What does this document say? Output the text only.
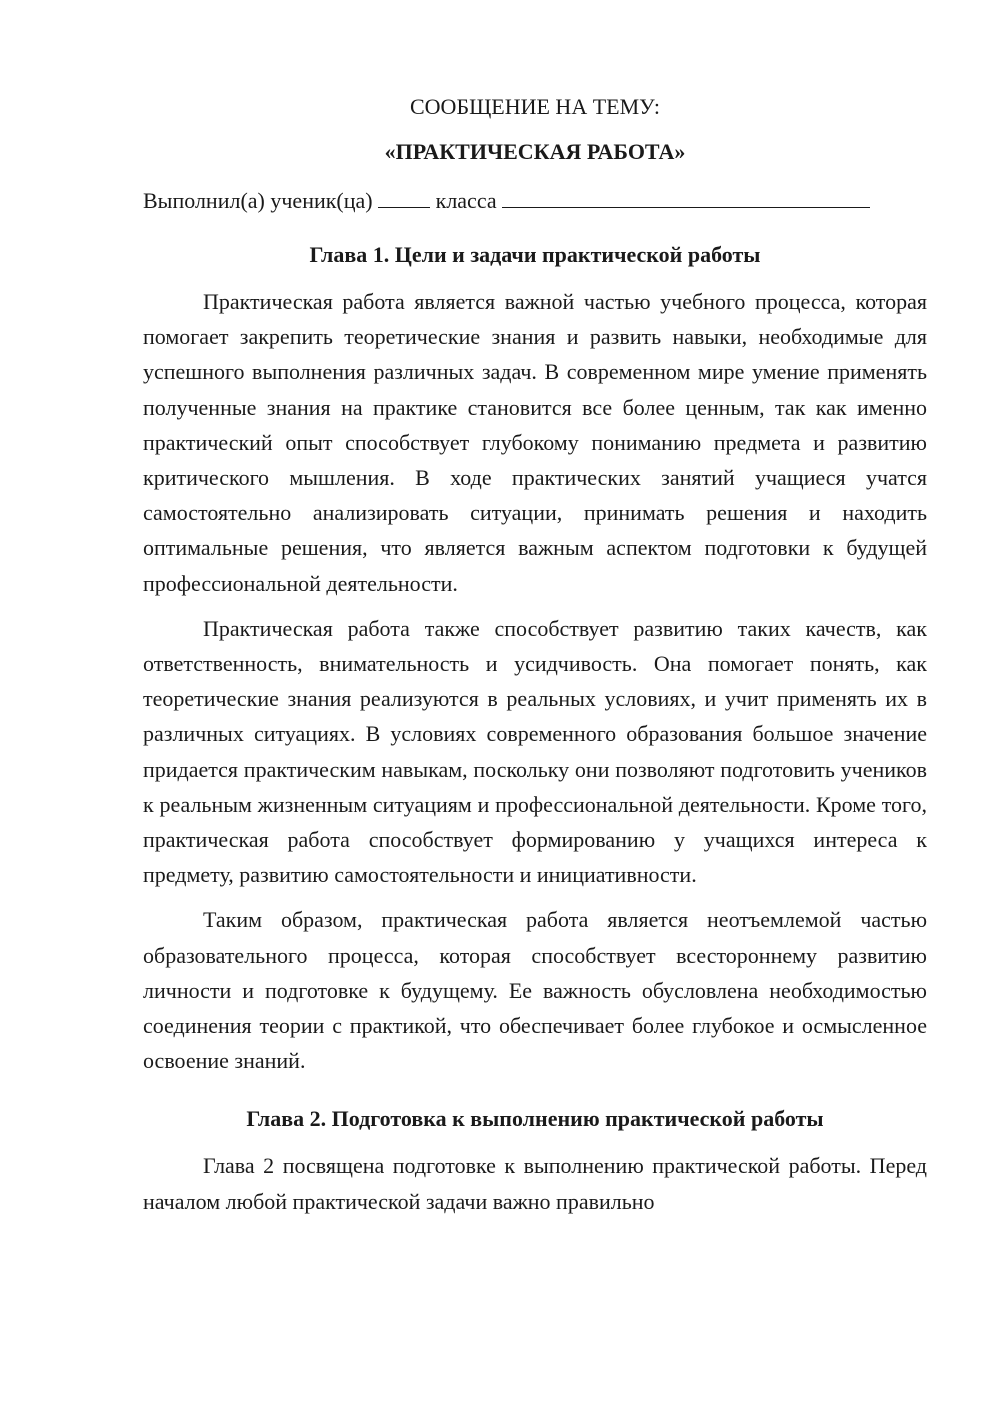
СООБЩЕНИЕ НА ТЕМУ:

«ПРАКТИЧЕСКАЯ РАБОТА»

Выполнил(а) ученик(ца)	класса
Глава 1. Цели и задачи практической работы

Практическая работа является важной частью учебного процесса, которая помогает закрепить теоретические знания и развить навыки, необходимые для успешного выполнения различных задач. В современном мире умение применять полученные знания на практике становится все более ценным, так как именно практический опыт способствует глубокому пониманию предмета и развитию критического мышления. В ходе практических занятий учащиеся учатся самостоятельно анализировать ситуации, принимать решения и находить оптимальные решения, что является важным аспектом подготовки к будущей профессиональной деятельности.

Практическая работа также способствует развитию таких качеств, как ответственность, внимательность и усидчивость. Она помогает понять, как теоретические знания реализуются в реальных условиях, и учит применять их в различных ситуациях. В условиях современного образования большое значение придается практическим навыкам, поскольку они позволяют подготовить учеников к реальным жизненным ситуациям и профессиональной деятельности. Кроме того, практическая работа способствует формированию у учащихся интереса к предмету, развитию самостоятельности и инициативности.

Таким образом, практическая работа является неотъемлемой частью образовательного процесса, которая способствует всестороннему развитию личности и подготовке к будущему. Ее важность обусловлена необходимостью соединения теории с практикой, что обеспечивает более глубокое и осмысленное освоение знаний.

Глава 2. Подготовка к выполнению практической работы

Глава 2 посвящена подготовке к выполнению практической работы. Перед началом любой практической задачи важно правильно
